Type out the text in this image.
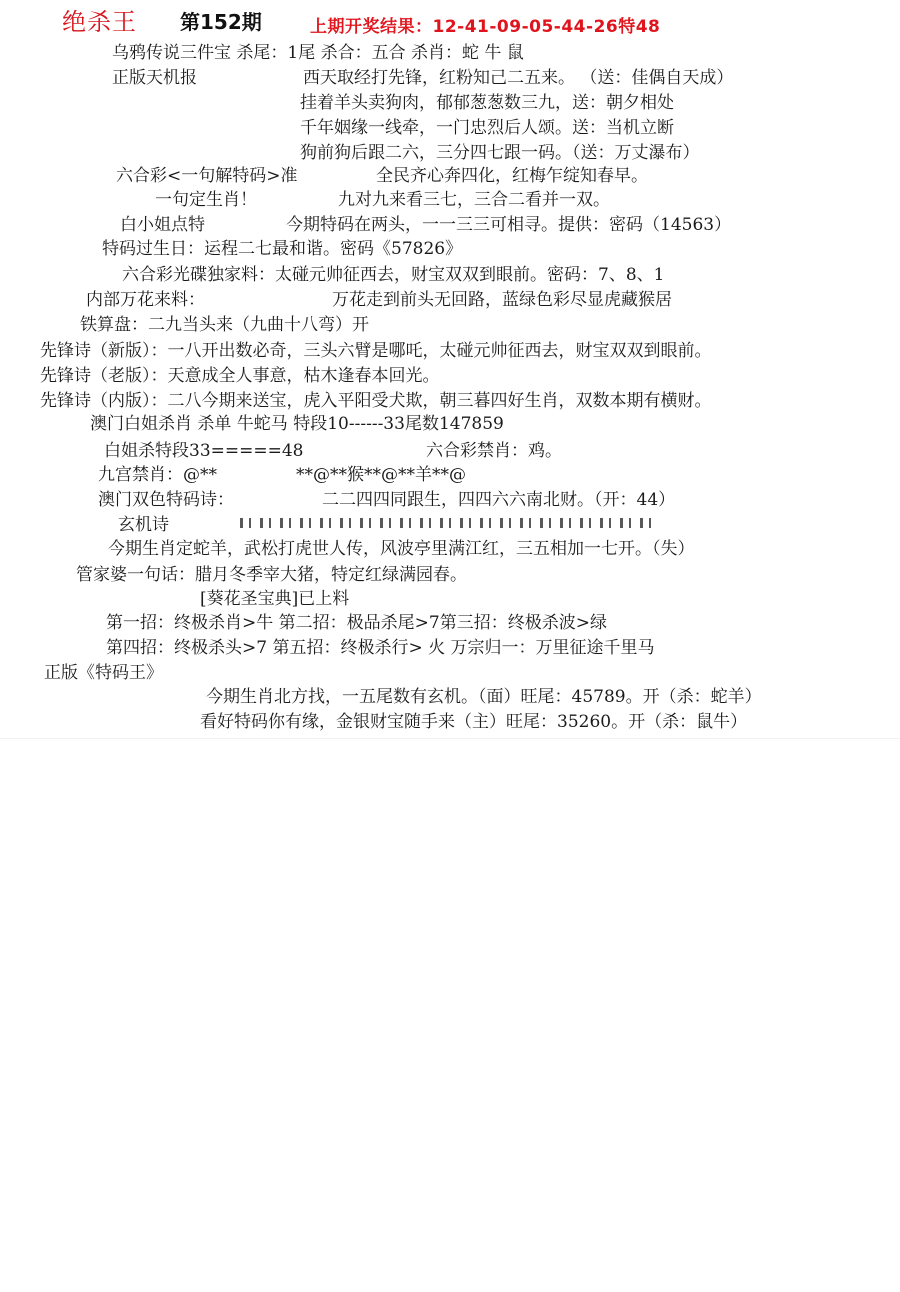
绝杀王 第152期	上期开奖结果：12-41-09-05-44-26特48
乌鸦传说三件宝 杀尾：1尾 杀合：五合 杀肖：蛇 牛 鼠
正版天机报	西天取经打先锋，红粉知己二五来。 （送：佳偶自天成）
挂着羊头卖狗肉，郁郁葱葱数三九，送：朝夕相处
千年姻缘一线牵，一门忠烈后人颂。送：当机立断
狗前狗后跟二六，三分四七跟一码。（送：万丈瀑布）
六合彩<一句解特码>准	全民齐心奔四化，红梅乍绽知春早。
一句定生肖！	九对九来看三七，三合二看并一双。
白小姐点特	今期特码在两头，一一三三可相寻。提供：密码（14563）
特码过生日：运程二七最和谐。密码《57826》
六合彩光碟独家料：太碰元帅征西去，财宝双双到眼前。密码：7、8、1
内部万花来料：	万花走到前头无回路，蓝绿色彩尽显虎藏猴居
铁算盘：二九当头来（九曲十八弯）开
先锋诗（新版）：一八开出数必奇，三头六臂是哪吒，太碰元帅征西去，财宝双双到眼前。
先锋诗（老版）：天意成全人事意，枯木逢春本回光。
先锋诗（内版）：二八今期来送宝，虎入平阳受犬欺，朝三暮四好生肖，双数本期有横财。
澳门白姐杀肖 杀单 牛蛇马 特段10------33尾数147859
白姐杀特段33=====48	六合彩禁肖：鸡。
九宫禁肖：@**	**@**猴**@**羊**@
澳门双色特码诗：	二二四四同跟生，四四六六南北财。（开：44）
玄机诗
今期生肖定蛇羊，武松打虎世人传，风波亭里满江红，三五相加一七开。（失）
管家婆一句话：腊月冬季宰大猪，特定红绿满园春。
[葵花圣宝典]已上料
第一招：终极杀肖>牛 第二招：极品杀尾>7第三招：终极杀波>绿
第四招：终极杀头>7 第五招：终极杀行> 火 万宗归一：万里征途千里马
正版《特码王》
今期生肖北方找，一五尾数有玄机。（面）旺尾：45789。开（杀：蛇羊）
看好特码你有缘，金银财宝随手来（主）旺尾：35260。开（杀：鼠牛）
